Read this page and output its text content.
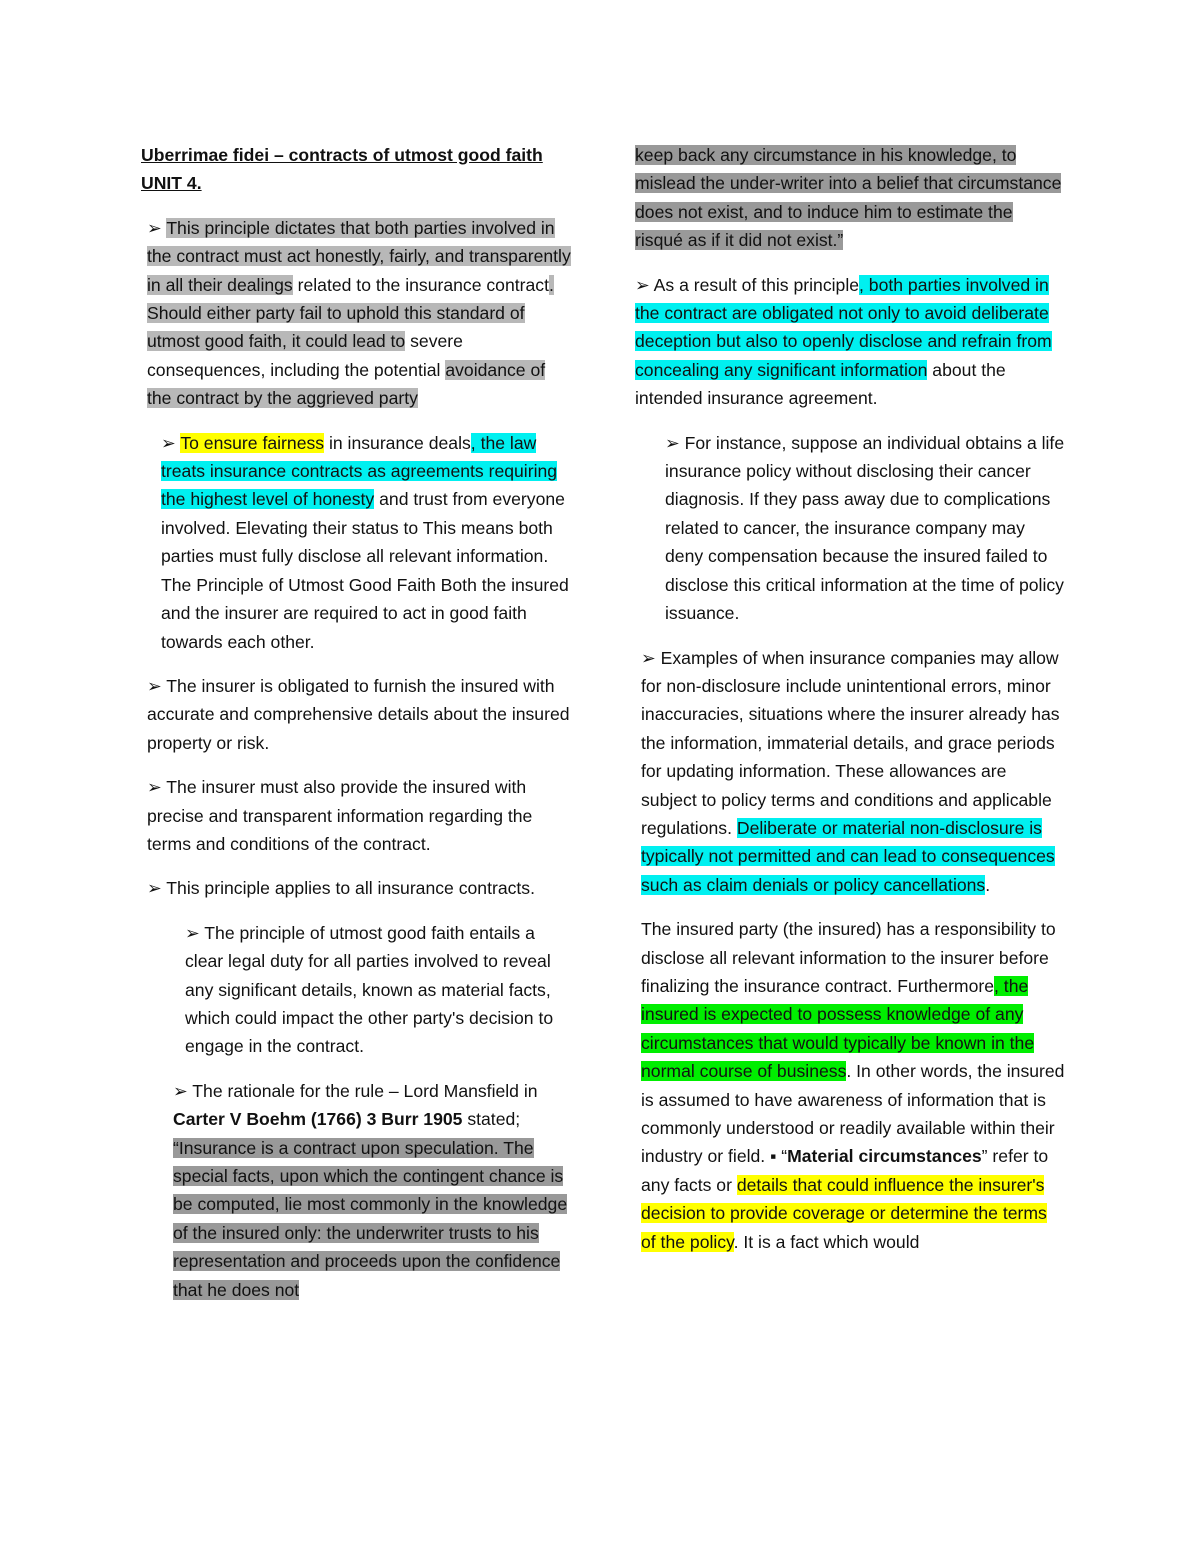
Uberrimae fidei – contracts of utmost good faith UNIT 4.

➢ This principle dictates that both parties involved in the contract must act honestly, fairly, and transparently in all their dealings related to the insurance contract. Should either party fail to uphold this standard of utmost good faith, it could lead to severe consequences, including the potential avoidance of the contract by the aggrieved party

➢ To ensure fairness in insurance deals, the law treats insurance contracts as agreements requiring the highest level of honesty and trust from everyone involved. Elevating their status to This means both parties must fully disclose all relevant information. The Principle of Utmost Good Faith Both the insured and the insurer are required to act in good faith towards each other.

➢ The insurer is obligated to furnish the insured with accurate and comprehensive details about the insured property or risk.

➢ The insurer must also provide the insured with precise and transparent information regarding the terms and conditions of the contract.

➢ This principle applies to all insurance contracts.

➢ The principle of utmost good faith entails a clear legal duty for all parties involved to reveal any significant details, known as material facts, which could impact the other party's decision to engage in the contract.

➢ The rationale for the rule – Lord Mansfield in Carter V Boehm (1766) 3 Burr 1905 stated; “Insurance is a contract upon speculation. The special facts, upon which the contingent chance is be computed, lie most commonly in the knowledge of the insured only: the underwriter trusts to his representation and proceeds upon the confidence that he does not

keep back any circumstance in his knowledge, to mislead the under-writer into a belief that circumstance does not exist, and to induce him to estimate the risqué as if it did not exist.”

➢ As a result of this principle, both parties involved in the contract are obligated not only to avoid deliberate deception but also to openly disclose and refrain from concealing any significant information about the intended insurance agreement.

➢ For instance, suppose an individual obtains a life insurance policy without disclosing their cancer diagnosis. If they pass away due to complications related to cancer, the insurance company may deny compensation because the insured failed to disclose this critical information at the time of policy issuance.

➢ Examples of when insurance companies may allow for non-disclosure include unintentional errors, minor inaccuracies, situations where the insurer already has the information, immaterial details, and grace periods for updating information. These allowances are subject to policy terms and conditions and applicable regulations. Deliberate or material non-disclosure is typically not permitted and can lead to consequences such as claim denials or policy cancellations.

The insured party (the insured) has a responsibility to disclose all relevant information to the insurer before finalizing the insurance contract. Furthermore, the insured is expected to possess knowledge of any circumstances that would typically be known in the normal course of business. In other words, the insured is assumed to have awareness of information that is commonly understood or readily available within their industry or field. ▪ “Material circumstances” refer to any facts or details that could influence the insurer's decision to provide coverage or determine the terms of the policy. It is a fact which would
